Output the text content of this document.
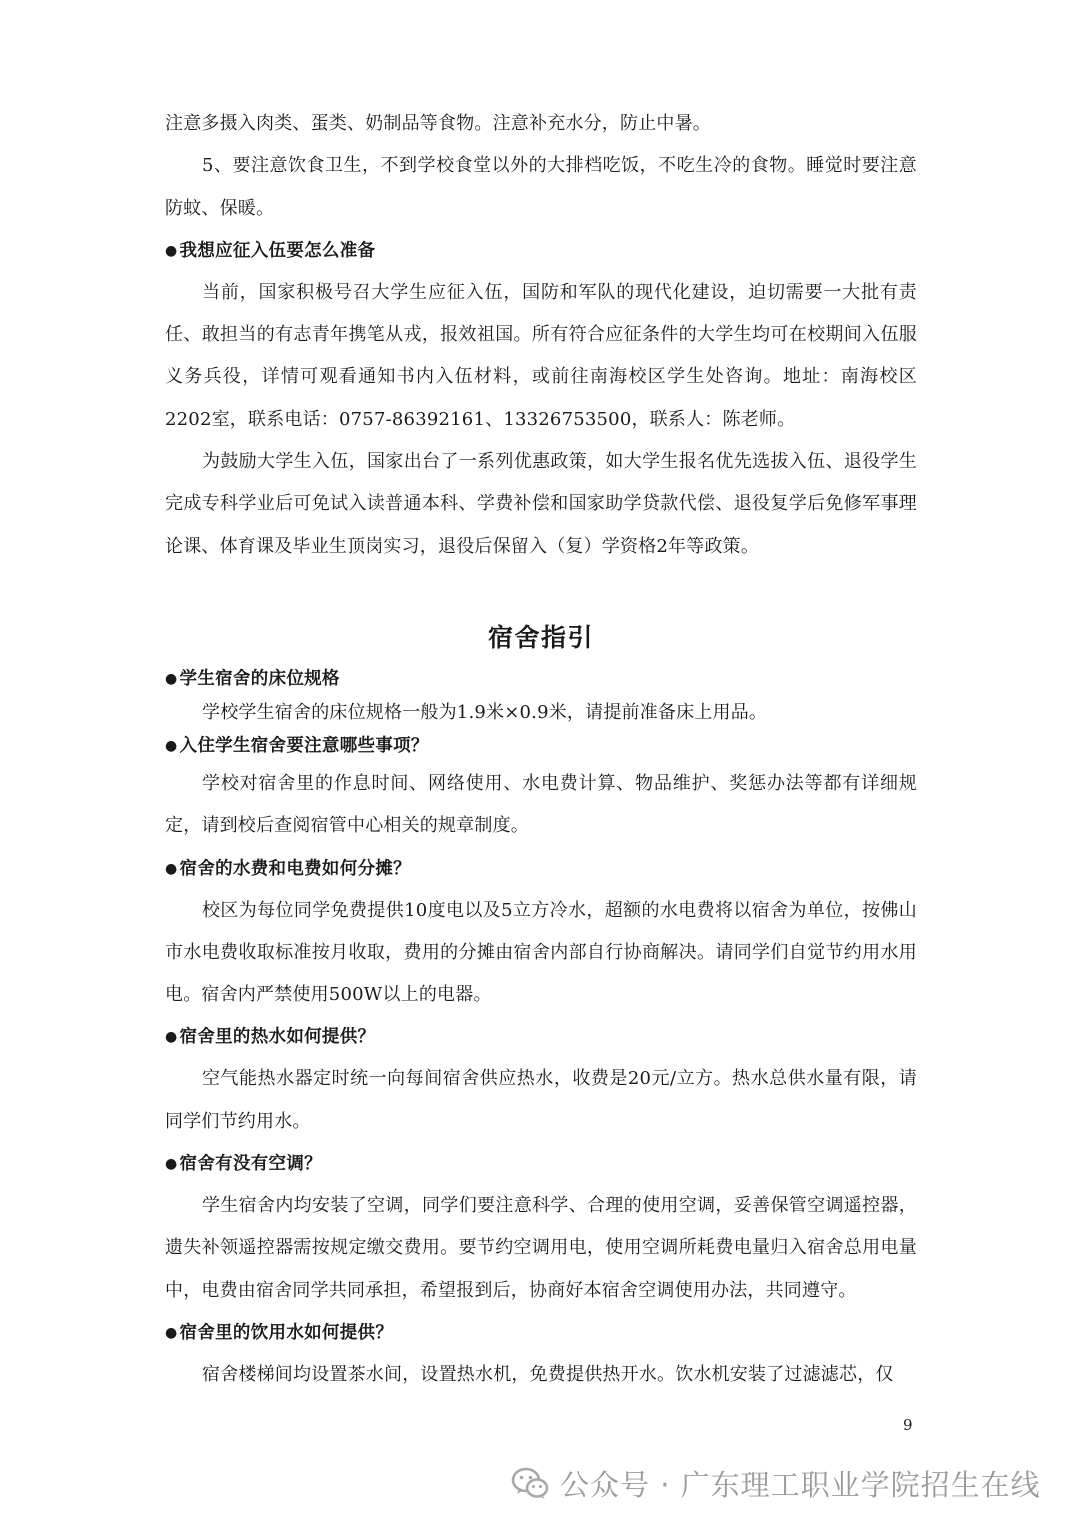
注意多摄入肉类、蛋类、奶制品等食物。注意补充水分，防止中暑。

5、要注意饮食卫生，不到学校食堂以外的大排档吃饭，不吃生冷的食物。睡觉时要注意防蚊、保暖。

● 我想应征入伍要怎么准备

当前，国家积极号召大学生应征入伍，国防和军队的现代化建设，迫切需要一大批有责任、敢担当的有志青年携笔从戎，报效祖国。所有符合应征条件的大学生均可在校期间入伍服义务兵役，详情可观看通知书内入伍材料，或前往南海校区学生处咨询。地址：南海校区2202室，联系电话：0757-86392161、13326753500，联系人：陈老师。

为鼓励大学生入伍，国家出台了一系列优惠政策，如大学生报名优先选拔入伍、退役学生完成专科学业后可免试入读普通本科、学费补偿和国家助学贷款代偿、退役复学后免修军事理论课、体育课及毕业生顶岗实习，退役后保留入（复）学资格2年等政策。

宿舍指引
● 学生宿舍的床位规格

学校学生宿舍的床位规格一般为1.9米×0.9米，请提前准备床上用品。

● 入住学生宿舍要注意哪些事项？

学校对宿舍里的作息时间、网络使用、水电费计算、物品维护、奖惩办法等都有详细规定，请到校后查阅宿管中心相关的规章制度。

● 宿舍的水费和电费如何分摊？

校区为每位同学免费提供10度电以及5立方冷水，超额的水电费将以宿舍为单位，按佛山市水电费收取标准按月收取，费用的分摊由宿舍内部自行协商解决。请同学们自觉节约用水用电。宿舍内严禁使用500W以上的电器。

● 宿舍里的热水如何提供？

空气能热水器定时统一向每间宿舍供应热水，收费是20元/立方。热水总供水量有限，请同学们节约用水。

● 宿舍有没有空调？

学生宿舍内均安装了空调，同学们要注意科学、合理的使用空调，妥善保管空调遥控器，遗失补领遥控器需按规定缴交费用。要节约空调用电，使用空调所耗费电量归入宿舍总用电量中，电费由宿舍同学共同承担，希望报到后，协商好本宿舍空调使用办法，共同遵守。

● 宿舍里的饮用水如何提供？

宿舍楼梯间均设置茶水间，设置热水机，免费提供热开水。饮水机安装了过滤滤芯，仅

9
公众号 · 广东理工职业学院招生在线
